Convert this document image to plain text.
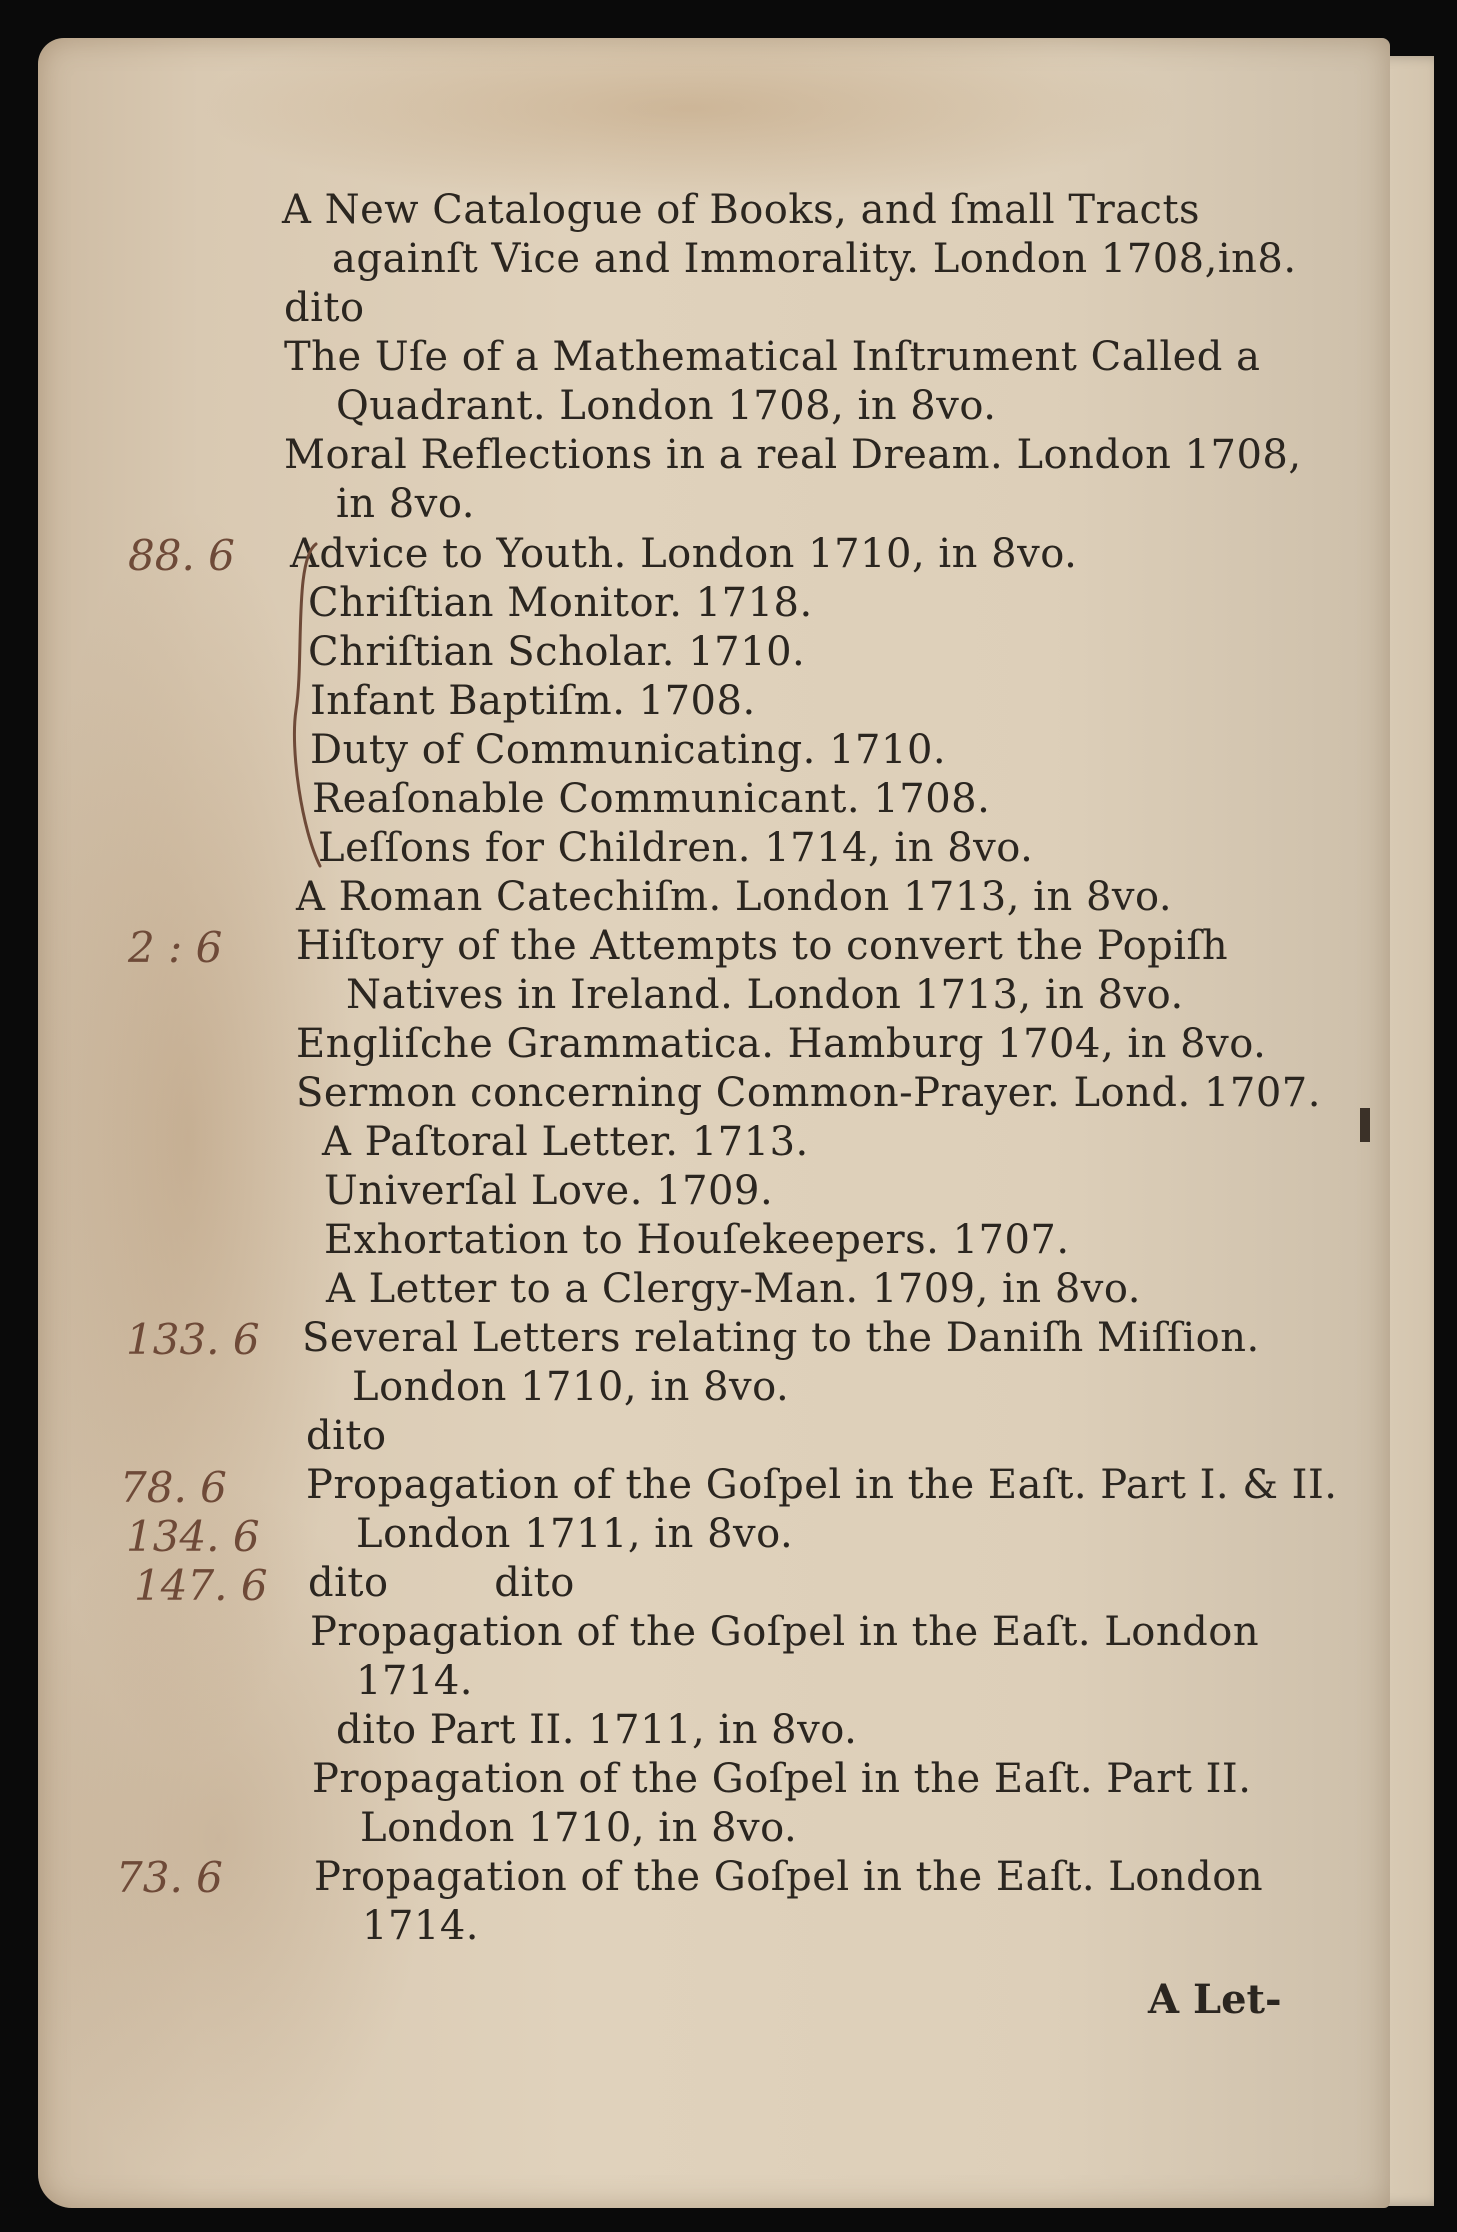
A New Catalogue of Books, and ſmall Tracts
againſt Vice and Immorality. London 1708,in8.
dito
The Uſe of a Mathematical Inſtrument Called a
Quadrant. London 1708, in 8vo.
Moral Reflections in a real Dream. London 1708,
in 8vo.
Advice to Youth. London 1710, in 8vo.
Chriſtian Monitor. 1718.
Chriſtian Scholar. 1710.
Infant Baptiſm. 1708.
Duty of Communicating. 1710.
Reaſonable Communicant. 1708.
Leſſons for Children. 1714, in 8vo.
A Roman Catechiſm. London 1713, in 8vo.
Hiſtory of the Attempts to convert the Popiſh
Natives in Ireland. London 1713, in 8vo.
Engliſche Grammatica. Hamburg 1704, in 8vo.
Sermon concerning Common-Prayer. Lond. 1707.
A Paſtoral Letter. 1713.
Univerſal Love. 1709.
Exhortation to Houſekeepers. 1707.
A Letter to a Clergy-Man. 1709, in 8vo.
Several Letters relating to the Daniſh Miſſion.
London 1710, in 8vo.
dito
Propagation of the Goſpel in the Eaſt. Part I. & II.
London 1711, in 8vo.
dito        dito
Propagation of the Goſpel in the Eaſt. London
1714.
dito Part II. 1711, in 8vo.
Propagation of the Goſpel in the Eaſt. Part II.
London 1710, in 8vo.
Propagation of the Goſpel in the Eaſt. London
1714.
A Let-
88. 6
2 : 6
133. 6
78. 6
134. 6
147. 6
73. 6
